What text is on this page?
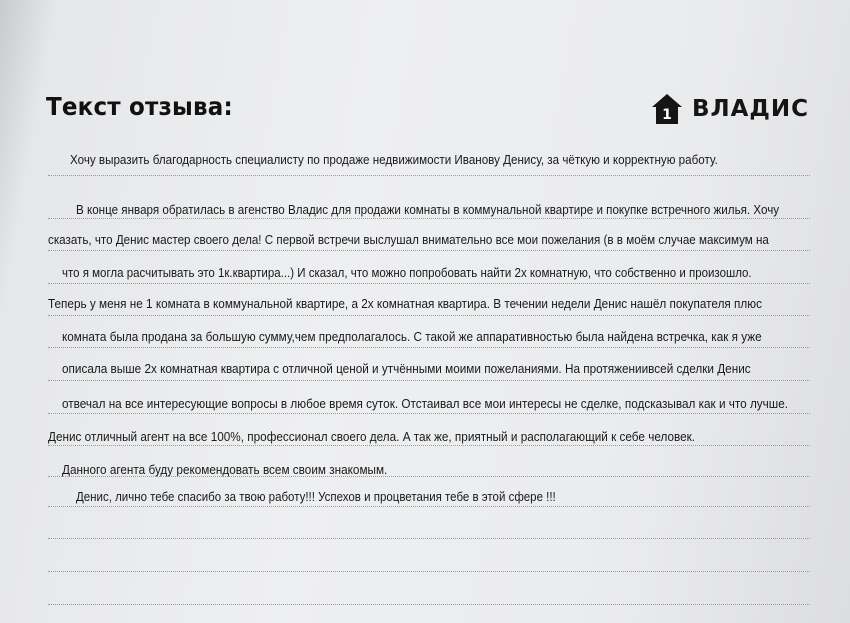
Текст отзыва:	1 ВЛАДИС
Хочу выразить благодарность специалисту по продаже недвижимости Иванову Денису, за чёткую и корректную работу.
В конце января обратилась в агенство Владис для продажи комнаты в коммунальной квартире и покупке встречного жилья. Хочу
сказать, что Денис мастер своего дела! С первой встречи выслушал внимательно все мои пожелания (в в моём случае максимум на
что я могла расчитывать это 1к.квартира...) И сказал, что можно попробовать найти 2х комнатную, что собственно и произошло.
Теперь у меня не 1 комната в коммунальной квартире, а 2х комнатная квартира. В течении недели Денис нашёл покупателя плюс
комната была продана за большую сумму,чем предполагалось. С такой же аппаративностью была найдена встречка, как я уже
описала выше 2х комнатная квартира с отличной ценой и утчёнными моими пожеланиями. На протяжениивсей сделки Денис
отвечал на все интересующие вопросы в любое время суток. Отстаивал все мои интересы не сделке, подсказывал как и что лучше.
Денис отличный агент на все 100%, профессионал своего дела. А так же, приятный и располагающий к себе человек.
Данного агента буду рекомендовать всем своим знакомым.
Денис, лично тебе спасибо за твою работу!!! Успехов и процветания тебе в этой сфере !!!
